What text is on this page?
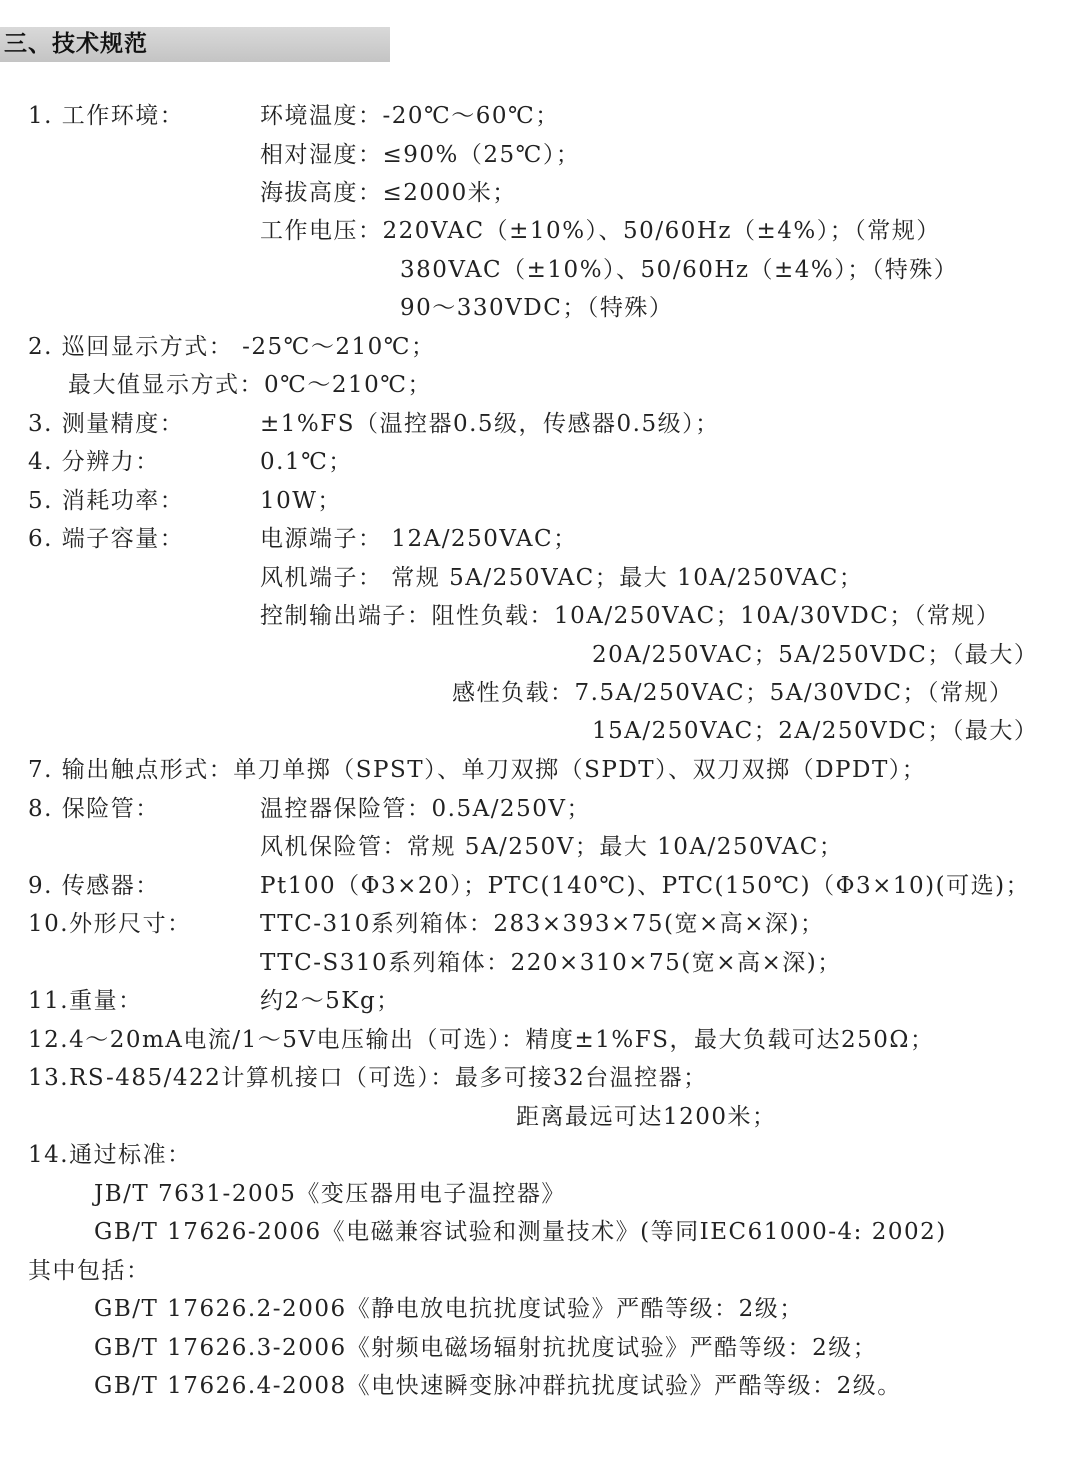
三、技术规范
1. 工作环境：	环境温度：-20℃～60℃；
相对湿度：≤90%（25℃）；
海拔高度：≤2000米；
工作电压：220VAC（±10%）、50/60Hz（±4%）；（常规）
380VAC（±10%）、50/60Hz（±4%）；（特殊）
90～330VDC；（特殊）
2. 巡回显示方式： -25℃～210℃；
最大值显示方式：0℃～210℃；
3. 测量精度：	±1%FS（温控器0.5级，传感器0.5级）；
4. 分辨力：	0.1℃；
5. 消耗功率：	10W；
6. 端子容量：	电源端子： 12A/250VAC；
风机端子： 常规 5A/250VAC；最大 10A/250VAC；
控制输出端子：阻性负载：10A/250VAC；10A/30VDC；（常规）
20A/250VAC；5A/250VDC；（最大）
感性负载：7.5A/250VAC；5A/30VDC；（常规）
15A/250VAC；2A/250VDC；（最大）
7. 输出触点形式：单刀单掷（SPST）、单刀双掷（SPDT）、双刀双掷（DPDT）；
8. 保险管：	温控器保险管：0.5A/250V；
风机保险管：常规 5A/250V；最大 10A/250VAC；
9. 传感器：	Pt100（Φ3×20）；PTC(140℃)、PTC(150℃)（Φ3×10)(可选)；
10.外形尺寸：	TTC-310系列箱体：283×393×75(宽×高×深)；
TTC-S310系列箱体：220×310×75(宽×高×深)；
11.重量：	约2～5Kg；
12.4～20mA电流/1～5V电压输出（可选）：精度±1%FS，最大负载可达250Ω；
13.RS-485/422计算机接口（可选）：最多可接32台温控器；
距离最远可达1200米；
14.通过标准：
JB/T 7631-2005《变压器用电子温控器》
GB/T 17626-2006《电磁兼容试验和测量技术》(等同IEC61000-4: 2002)
其中包括：
GB/T 17626.2-2006《静电放电抗扰度试验》严酷等级：2级；
GB/T 17626.3-2006《射频电磁场辐射抗扰度试验》严酷等级：2级；
GB/T 17626.4-2008《电快速瞬变脉冲群抗扰度试验》严酷等级：2级。
